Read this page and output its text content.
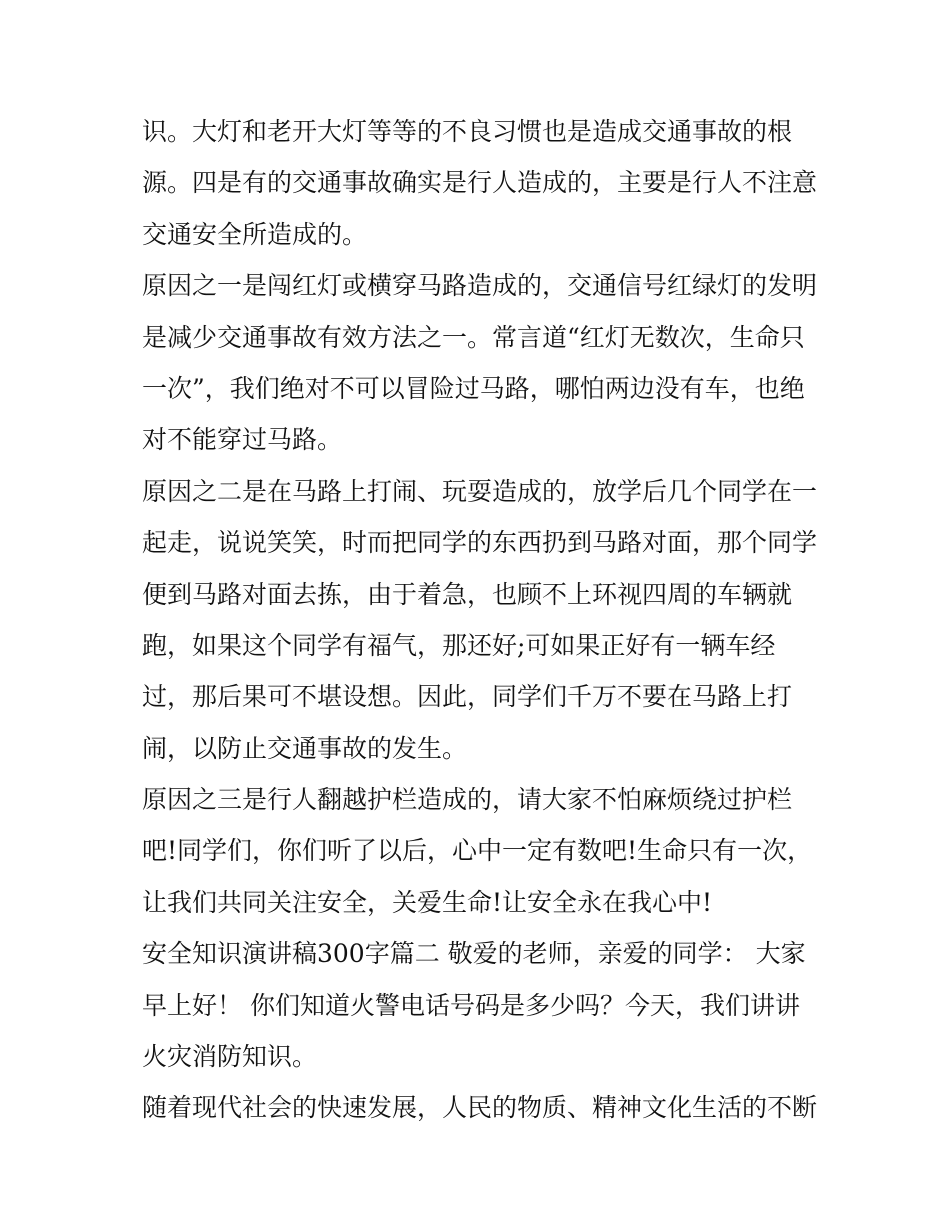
识。大灯和老开大灯等等的不良习惯也是造成交通事故的根
源。四是有的交通事故确实是行人造成的，主要是行人不注意
交通安全所造成的。
原因之一是闯红灯或横穿马路造成的，交通信号红绿灯的发明
是减少交通事故有效方法之一。常言道“红灯无数次，生命只
一次”，我们绝对不可以冒险过马路，哪怕两边没有车，也绝
对不能穿过马路。
原因之二是在马路上打闹、玩耍造成的，放学后几个同学在一
起走，说说笑笑，时而把同学的东西扔到马路对面，那个同学
便到马路对面去拣，由于着急，也顾不上环视四周的车辆就
跑，如果这个同学有福气，那还好;可如果正好有一辆车经
过，那后果可不堪设想。因此，同学们千万不要在马路上打
闹，以防止交通事故的发生。
原因之三是行人翻越护栏造成的，请大家不怕麻烦绕过护栏
吧!同学们，你们听了以后，心中一定有数吧!生命只有一次，
让我们共同关注安全，关爱生命!让安全永在我心中!
安全知识演讲稿300字篇二 敬爱的老师，亲爱的同学： 大家
早上好！ 你们知道火警电话号码是多少吗？今天，我们讲讲
火灾消防知识。
随着现代社会的快速发展，人民的物质、精神文化生活的不断
